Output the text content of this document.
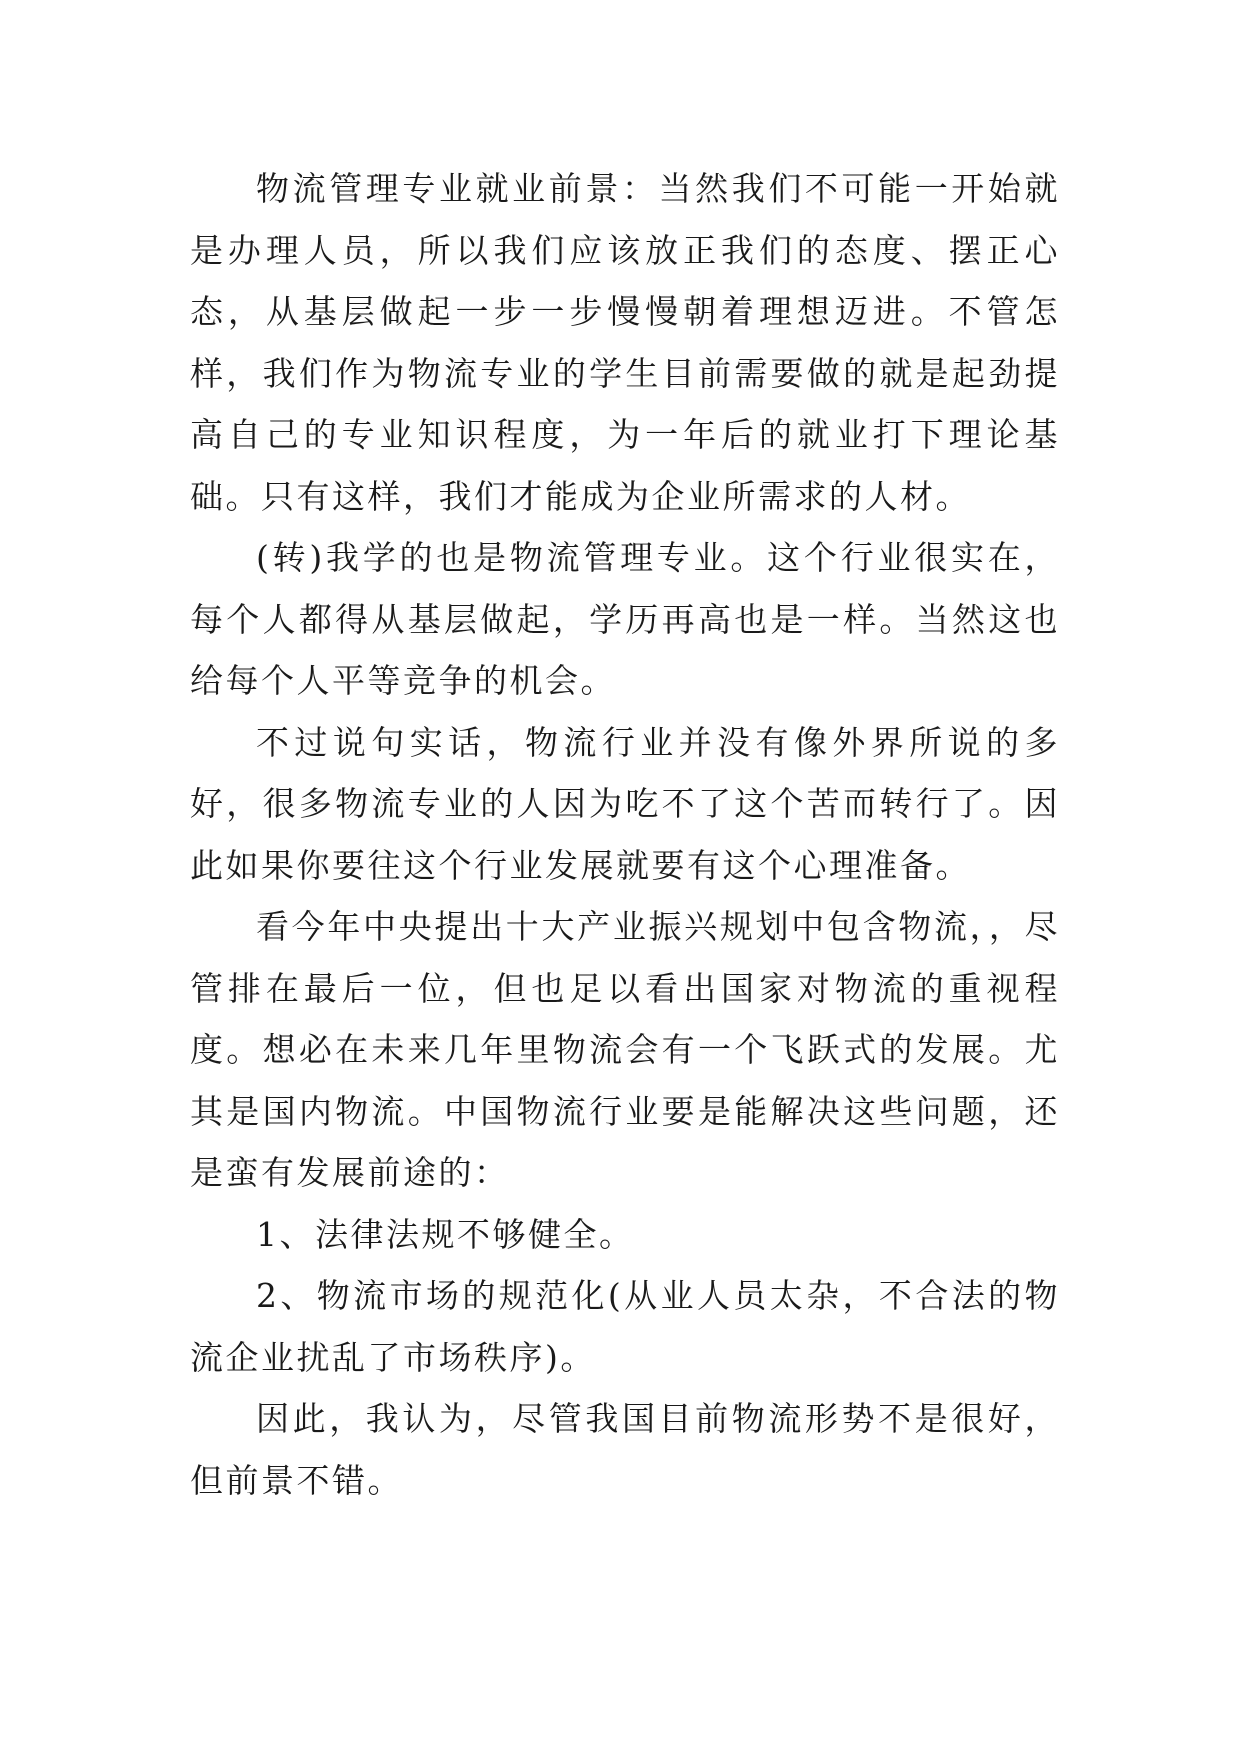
物流管理专业就业前景：当然我们不可能一开始就是办理人员，所以我们应该放正我们的态度、摆正心态，从基层做起一步一步慢慢朝着理想迈进。不管怎样，我们作为物流专业的学生目前需要做的就是起劲提高自己的专业知识程度，为一年后的就业打下理论基础。只有这样，我们才能成为企业所需求的人材。

(转)我学的也是物流管理专业。这个行业很实在，每个人都得从基层做起，学历再高也是一样。当然这也给每个人平等竞争的机会。

不过说句实话，物流行业并没有像外界所说的多好，很多物流专业的人因为吃不了这个苦而转行了。因此如果你要往这个行业发展就要有这个心理准备。

看今年中央提出十大产业振兴规划中包含物流，，尽管排在最后一位，但也足以看出国家对物流的重视程度。想必在未来几年里物流会有一个飞跃式的发展。尤其是国内物流。中国物流行业要是能解决这些问题，还是蛮有发展前途的：

1、法律法规不够健全。

2、物流市场的规范化(从业人员太杂，不合法的物流企业扰乱了市场秩序)。

因此，我认为，尽管我国目前物流形势不是很好，但前景不错。
